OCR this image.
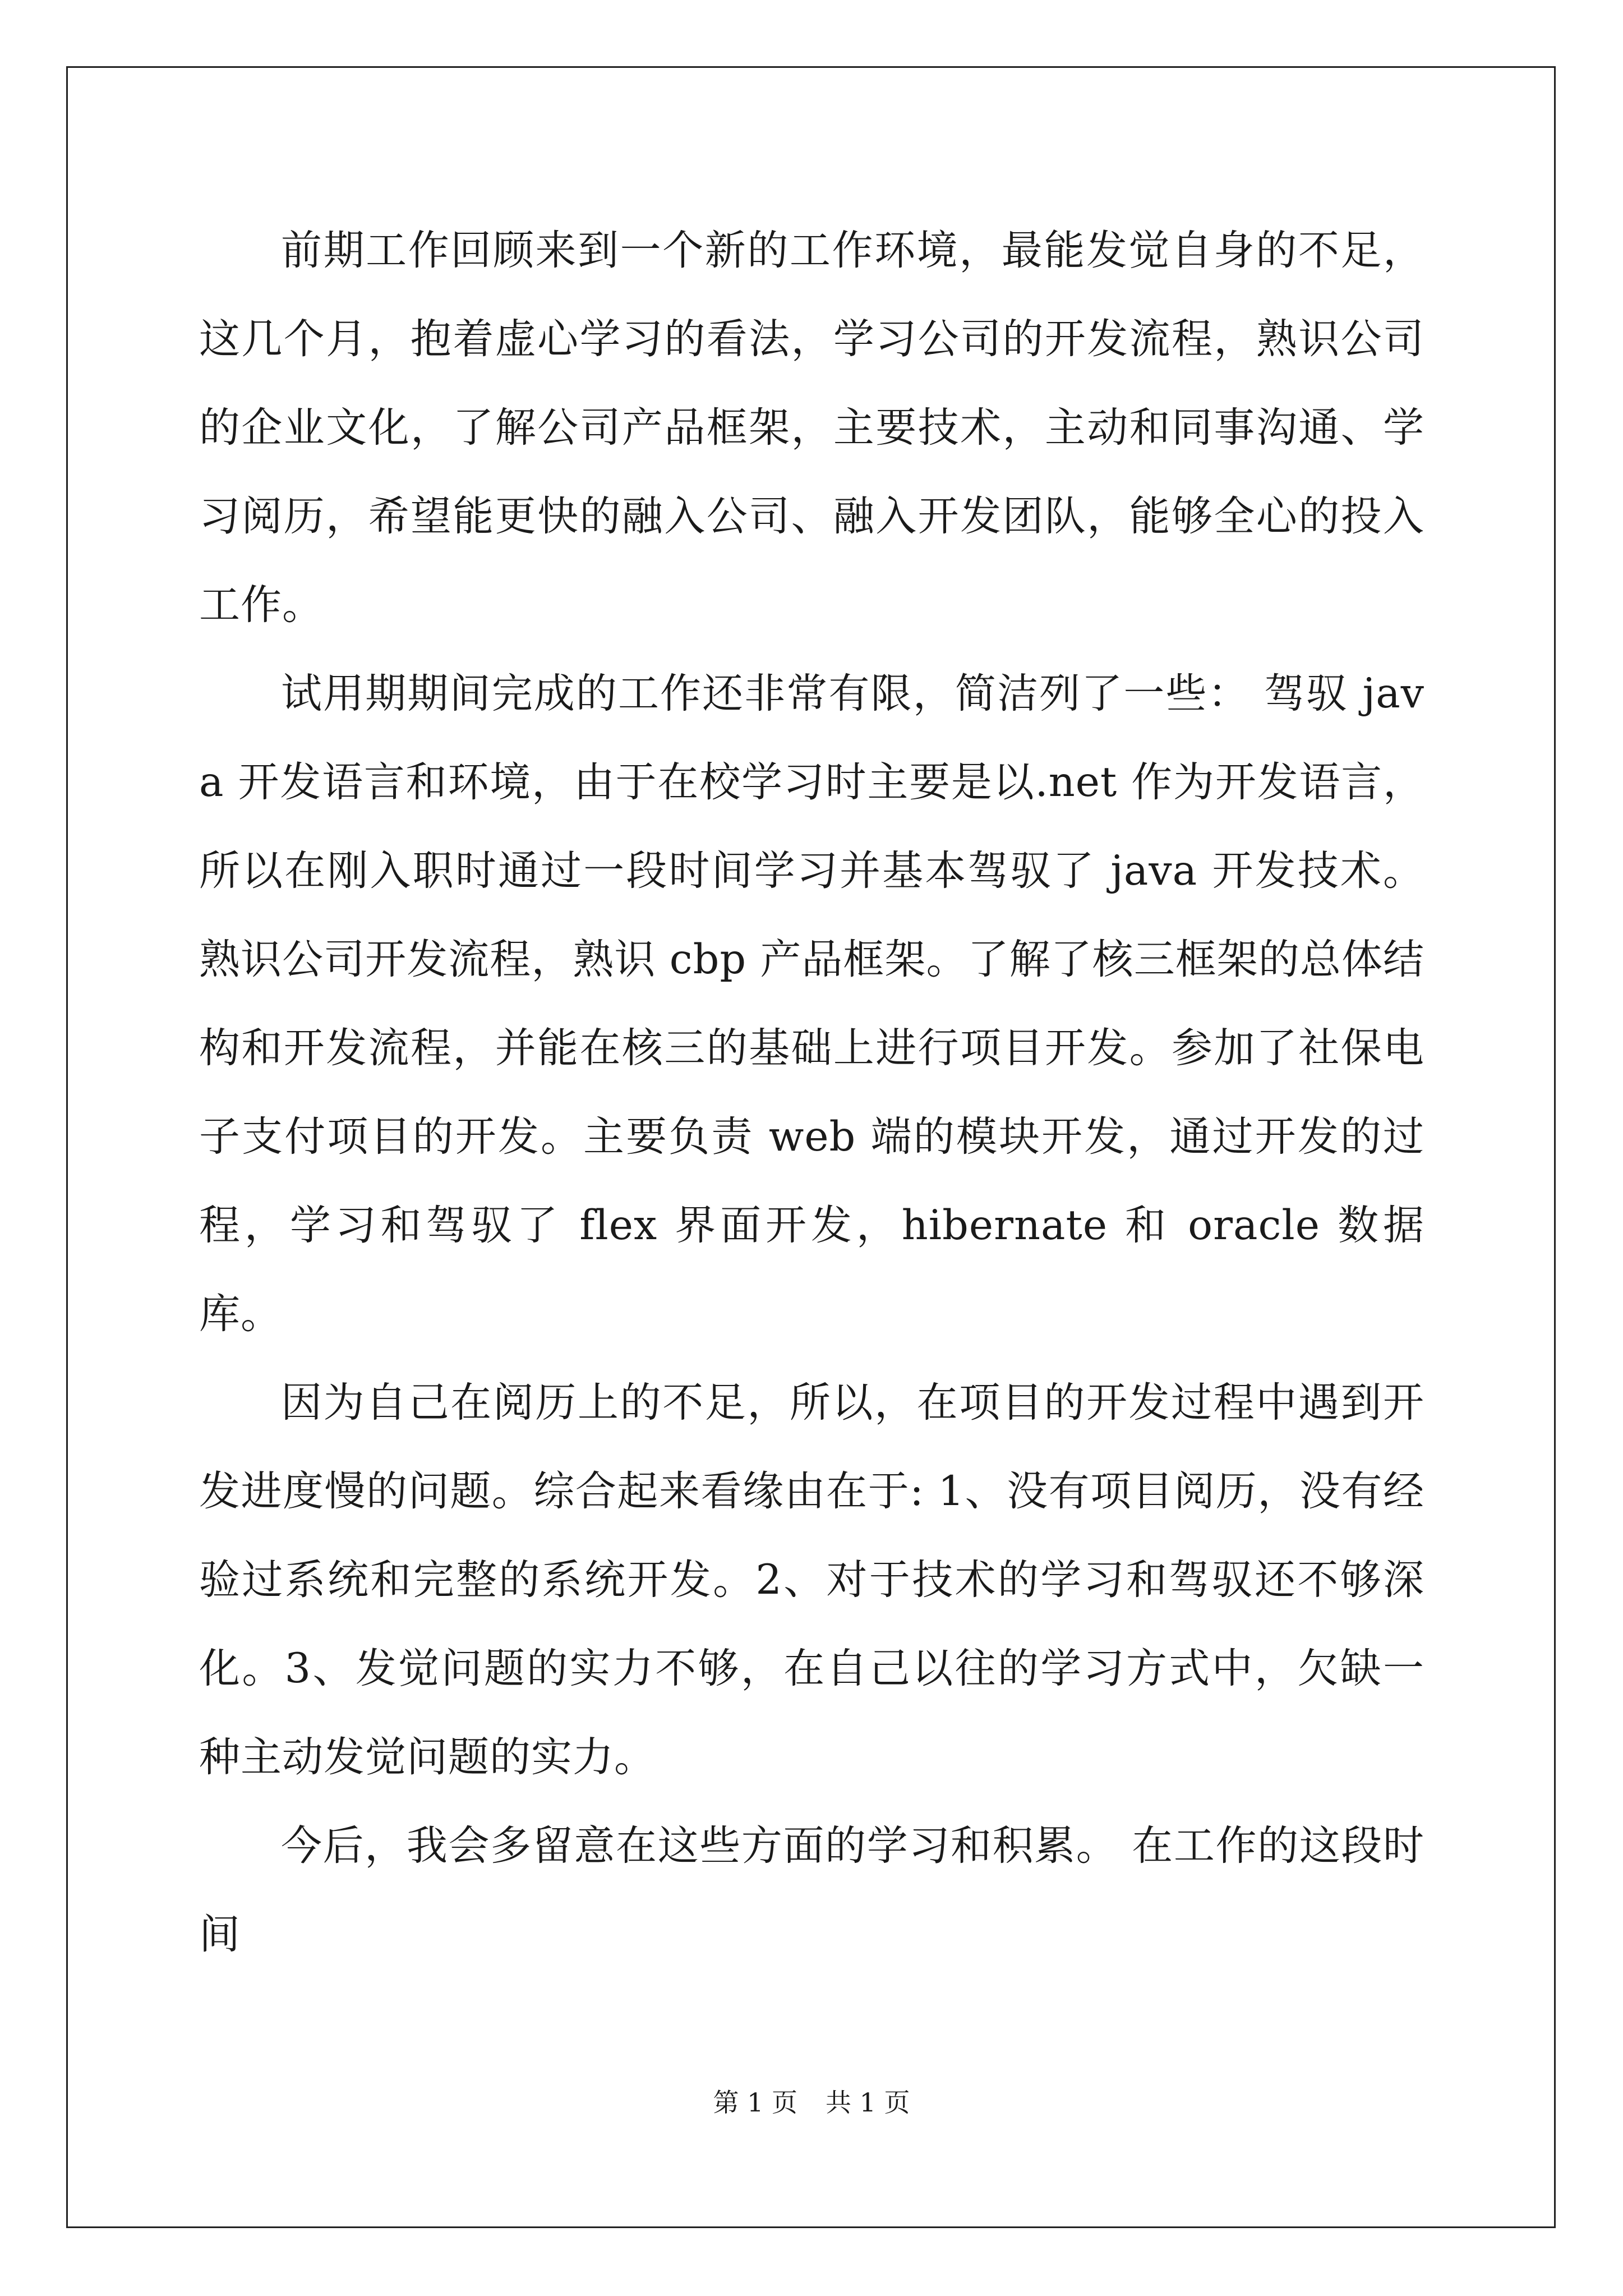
前期工作回顾来到一个新的工作环境，最能发觉自身的不足，这几个月，抱着虚心学习的看法，学习公司的开发流程，熟识公司的企业文化，了解公司产品框架，主要技术，主动和同事沟通、学习阅历，希望能更快的融入公司、融入开发团队，能够全心的投入工作。

试用期期间完成的工作还非常有限，简洁列了一些： 驾驭 java 开发语言和环境，由于在校学习时主要是以.net 作为开发语言，所以在刚入职时通过一段时间学习并基本驾驭了 java 开发技术。 熟识公司开发流程，熟识 cbp 产品框架。了解了核三框架的总体结构和开发流程，并能在核三的基础上进行项目开发。参加了社保电子支付项目的开发。主要负责 web 端的模块开发，通过开发的过程，学习和驾驭了 flex 界面开发，hibernate 和 oracle 数据库。

因为自己在阅历上的不足，所以，在项目的开发过程中遇到开发进度慢的问题。综合起来看缘由在于: 1、没有项目阅历，没有经验过系统和完整的系统开发。2、对于技术的学习和驾驭还不够深化。3、发觉问题的实力不够，在自己以往的学习方式中，欠缺一种主动发觉问题的实力。

今后，我会多留意在这些方面的学习和积累。 在工作的这段时间

第 1 页 共 1 页
